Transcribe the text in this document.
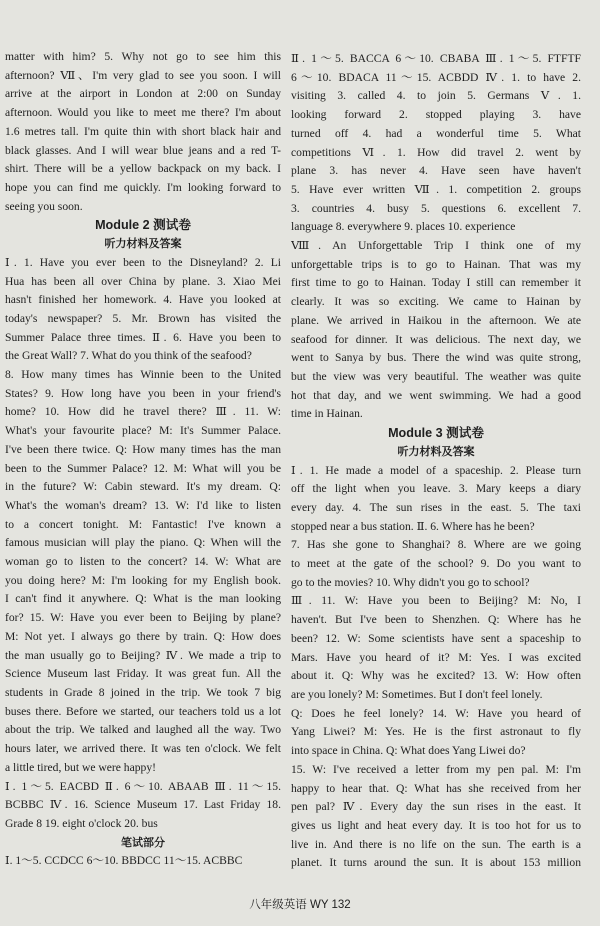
matter with him? 5. Why not go to see him this
afternoon? Ⅶ、I'm very glad to see you soon. I will
arrive at the airport in London at 2:00 on Sunday
afternoon. Would you like to meet me there? I'm about
1.6 metres tall. I'm quite thin with short black hair and
black glasses. And I will wear blue jeans and a red T-
shirt. There will be a yellow backpack on my back. I
hope you can find me quickly. I'm looking forward to
seeing you soon.
Module 2 测试卷
听力材料及答案
Ⅰ. 1. Have you ever been to the Disneyland? 2. Li
Hua has been all over China by plane. 3. Xiao Mei
hasn't finished her homework. 4. Have you looked at
today's newspaper? 5. Mr. Brown has visited the
Summer Palace three times. Ⅱ. 6. Have you been to
the Great Wall? 7. What do you think of the seafood?
8. How many times has Winnie been to the United
States? 9. How long have you been in your friend's
home? 10. How did he travel there? Ⅲ. 11. W:
What's your favourite place? M: It's Summer Palace.
I've been there twice. Q: How many times has the man
been to the Summer Palace? 12. M: What will you be
in the future? W: Cabin steward. It's my dream. Q:
What's the woman's dream? 13. W: I'd like to listen
to a concert tonight. M: Fantastic! I've known a
famous musician will play the piano. Q: When will the
woman go to listen to the concert? 14. W: What are
you doing here? M: I'm looking for my English book.
I can't find it anywhere. Q: What is the man looking
for? 15. W: Have you ever been to Beijing by plane?
M: Not yet. I always go there by train. Q: How does
the man usually go to Beijing? Ⅳ. We made a trip to
Science Museum last Friday. It was great fun. All the
students in Grade 8 joined in the trip. We took 7 big
buses there. Before we started, our teachers told us a lot
about the trip. We talked and laughed all the way. Two
hours later, we arrived there. It was ten o'clock. We felt
a little tired, but we were happy!
Ⅰ. 1～5. EACBD Ⅱ. 6～10. ABAAB Ⅲ. 11～15.
BCBBC Ⅳ. 16. Science Museum 17. Last Friday 18.
Grade 8 19. eight o'clock 20. bus
笔试部分
Ⅰ. 1～5. CCDCC 6～10. BBDCC 11～15. ACBBC
Ⅱ. 1～5. BACCA 6～10. CBABA Ⅲ. 1～5. FTFTF
6～10. BDACA 11～15. ACBDD Ⅳ. 1. to have 2.
visiting 3. called 4. to join 5. Germans Ⅴ. 1.
looking forward 2. stopped playing 3. have
turned off 4. had a wonderful time 5. What
competitions Ⅵ. 1. How did travel 2. went by
plane 3. has never 4. Have seen have haven't
5. Have ever written Ⅶ. 1. competition 2. groups
3. countries 4. busy 5. questions 6. excellent 7.
language 8. everywhere 9. places 10. experience
Ⅷ. An Unforgettable Trip I think one of my
unforgettable trips is to go to Hainan. That was my
first time to go to Hainan. Today I still can remember it
clearly. It was so exciting. We came to Hainan by
plane. We arrived in Haikou in the afternoon. We ate
seafood for dinner. It was delicious. The next day, we
went to Sanya by bus. There the wind was quite strong,
but the view was very beautiful. The weather was quite
hot that day, and we went swimming. We had a good
time in Hainan.
Module 3 测试卷
听力材料及答案
Ⅰ. 1. He made a model of a spaceship. 2. Please turn
off the light when you leave. 3. Mary keeps a diary
every day. 4. The sun rises in the east. 5. The taxi
stopped near a bus station. Ⅱ. 6. Where has he been?
7. Has she gone to Shanghai? 8. Where are we going
to meet at the gate of the school? 9. Do you want to
go to the movies? 10. Why didn't you go to school?
Ⅲ. 11. W: Have you been to Beijing? M: No, I
haven't. But I've been to Shenzhen. Q: Where has he
been? 12. W: Some scientists have sent a spaceship to
Mars. Have you heard of it? M: Yes. I was excited
about it. Q: Why was he excited? 13. W: How often
are you lonely? M: Sometimes. But I don't feel lonely.
Q: Does he feel lonely? 14. W: Have you heard of
Yang Liwei? M: Yes. He is the first astronaut to fly
into space in China. Q: What does Yang Liwei do?
15. W: I've received a letter from my pen pal. M: I'm
happy to hear that. Q: What has she received from her
pen pal? Ⅳ. Every day the sun rises in the east. It
gives us light and heat every day. It is too hot for us to
live in. And there is no life on the sun. The earth is a
planet. It turns around the sun. It is about 153 million
八年级英语 WY 132
